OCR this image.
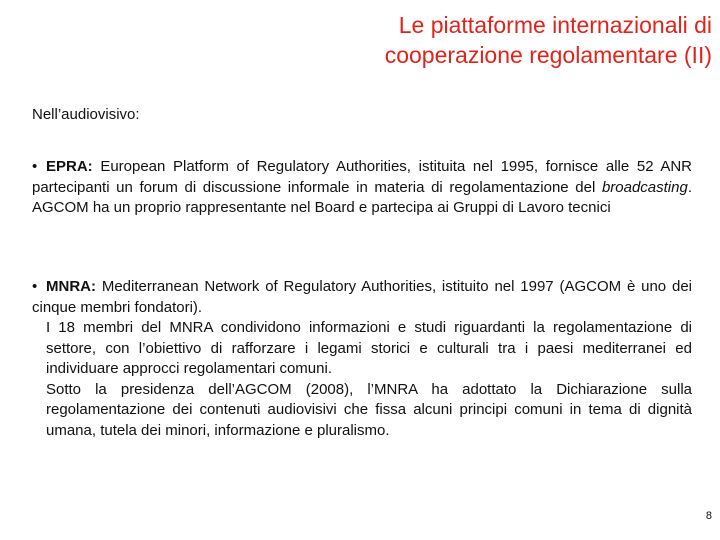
Le piattaforme internazionali di
cooperazione regolamentare (II)
Nell’audiovisivo:
• EPRA: European Platform of Regulatory Authorities, istituita nel 1995, fornisce alle 52 ANR partecipanti un forum di discussione informale in materia di regolamentazione del broadcasting. AGCOM ha un proprio rappresentante nel Board e partecipa ai Gruppi di Lavoro tecnici
• MNRA: Mediterranean Network of Regulatory Authorities, istituito nel 1997 (AGCOM è uno dei cinque membri fondatori).
I 18 membri del MNRA condividono informazioni e studi riguardanti la regolamentazione di settore, con l’obiettivo di rafforzare i legami storici e culturali tra i paesi mediterranei ed individuare approcci regolamentari comuni.
Sotto la presidenza dell’AGCOM (2008), l’MNRA ha adottato la Dichiarazione sulla regolamentazione dei contenuti audiovisivi che fissa alcuni principi comuni in tema di dignità umana, tutela dei minori, informazione e pluralismo.
8
